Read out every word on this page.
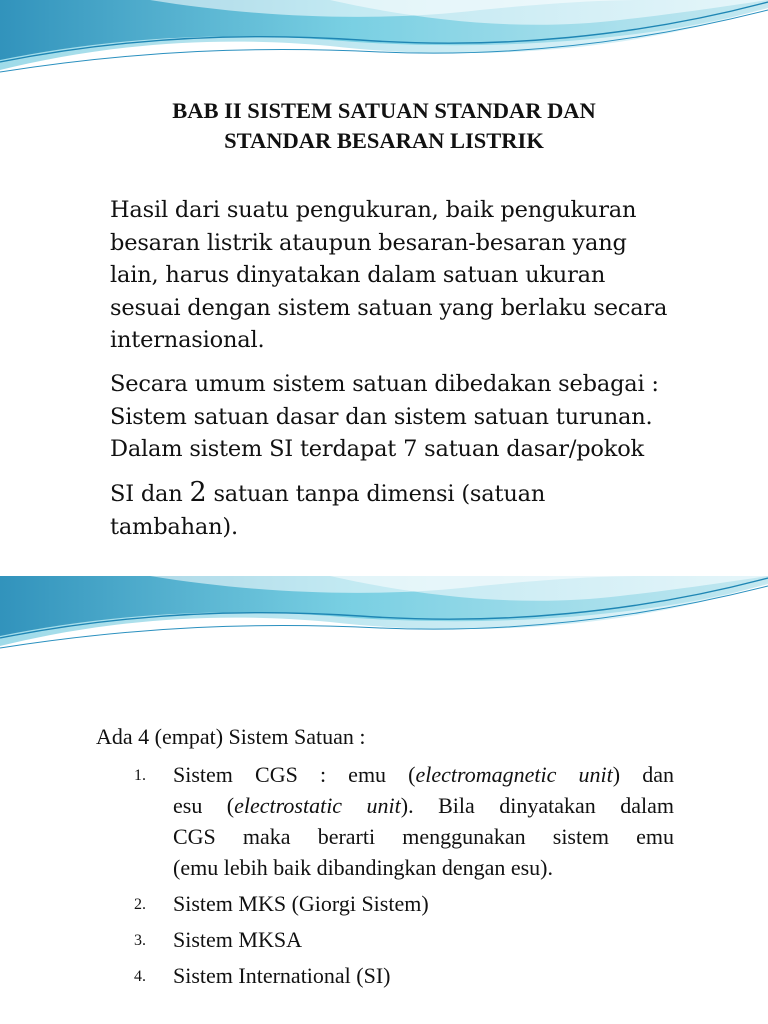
BAB II SISTEM SATUAN STANDAR DAN
STANDAR BESARAN LISTRIK

Hasil dari suatu pengukuran, baik pengukuran
besaran listrik ataupun besaran-besaran yang
lain, harus dinyatakan dalam satuan ukuran
sesuai dengan sistem satuan yang berlaku secara
internasional.

Secara umum sistem satuan dibedakan sebagai :
Sistem satuan dasar dan sistem satuan turunan.
Dalam sistem SI terdapat 7 satuan dasar/pokok

SI dan 2 satuan tanpa dimensi (satuan
tambahan).

Ada 4 (empat) Sistem Satuan :

1. Sistem CGS : emu (electromagnetic unit) dan
esu (electrostatic unit). Bila dinyatakan dalam
CGS maka berarti menggunakan sistem emu
(emu lebih baik dibandingkan dengan esu).
2. Sistem MKS (Giorgi Sistem)
3. Sistem MKSA
4. Sistem International (SI)
